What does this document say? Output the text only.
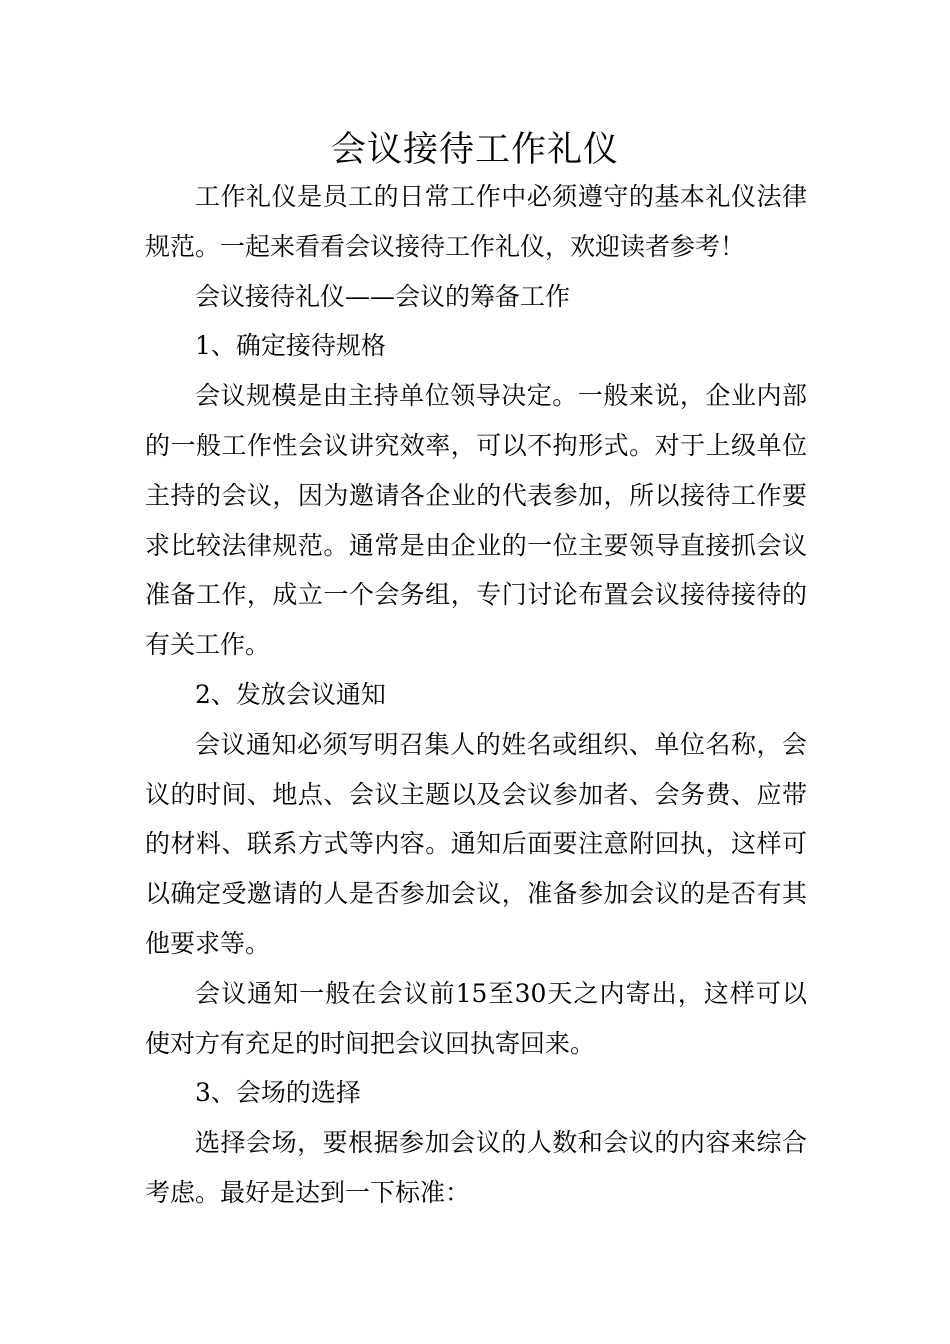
会议接待工作礼仪

工作礼仪是员工的日常工作中必须遵守的基本礼仪法律规范。一起来看看会议接待工作礼仪，欢迎读者参考！

会议接待礼仪——会议的筹备工作

1、确定接待规格

会议规模是由主持单位领导决定。一般来说，企业内部的一般工作性会议讲究效率，可以不拘形式。对于上级单位主持的会议，因为邀请各企业的代表参加，所以接待工作要求比较法律规范。通常是由企业的一位主要领导直接抓会议准备工作，成立一个会务组，专门讨论布置会议接待接待的有关工作。

2、发放会议通知

会议通知必须写明召集人的姓名或组织、单位名称，会议的时间、地点、会议主题以及会议参加者、会务费、应带的材料、联系方式等内容。通知后面要注意附回执，这样可以确定受邀请的人是否参加会议，准备参加会议的是否有其他要求等。

会议通知一般在会议前15至30天之内寄出，这样可以使对方有充足的时间把会议回执寄回来。

3、会场的选择

选择会场，要根据参加会议的人数和会议的内容来综合考虑。最好是达到一下标准：
